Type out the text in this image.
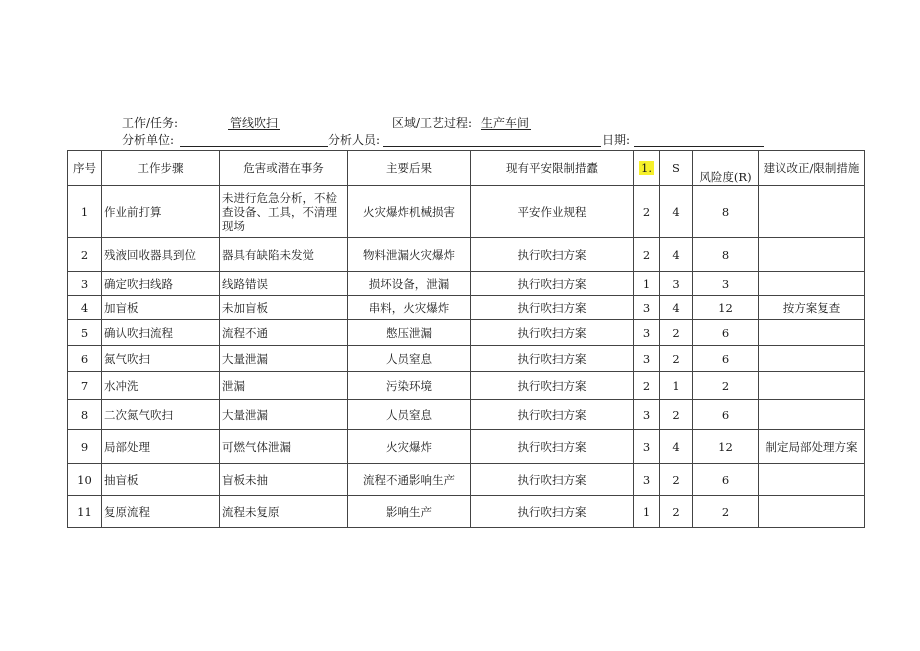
工作/任务:	管线吹扫	区域/工艺过程: 生产车间
分析单位:	分析人员:	日期:
序号	工作步骤	危害或潜在事务	主要后果	现有平安限制措蠹	1.	S	风险度(R)	建议改正/限制措施
1	作业前打算	未进行危急分析，不检查设备、工具，不清理现场	火灾爆炸机械损害	平安作业规程	2	4	8	
2	残液回收器具到位	器具有缺陷未发觉	物料泄漏火灾爆炸	执行吹扫方案	2	4	8	
3	确定吹扫线路	线路错误	损坏设备，泄漏	执行吹扫方案	1	3	3	
4	加盲板	未加盲板	串料，火灾爆炸	执行吹扫方案	3	4	12	按方案复查
5	确认吹扫流程	流程不通	憋压泄漏	执行吹扫方案	3	2	6	
6	氮气吹扫	大量泄漏	人员窒息	执行吹扫方案	3	2	6	
7	水冲洗	泄漏	污染环境	执行吹扫方案	2	1	2	
8	二次氮气吹扫	大量泄漏	人员窒息	执行吹扫方案	3	2	6	
9	局部处理	可燃气体泄漏	火灾爆炸	执行吹扫方案	3	4	12	制定局部处理方案
10	抽盲板	盲板未抽	流程不通影响生产	执行吹扫方案	3	2	6	
11	复原流程	流程未复原	影响生产	执行吹扫方案	1	2	2	
